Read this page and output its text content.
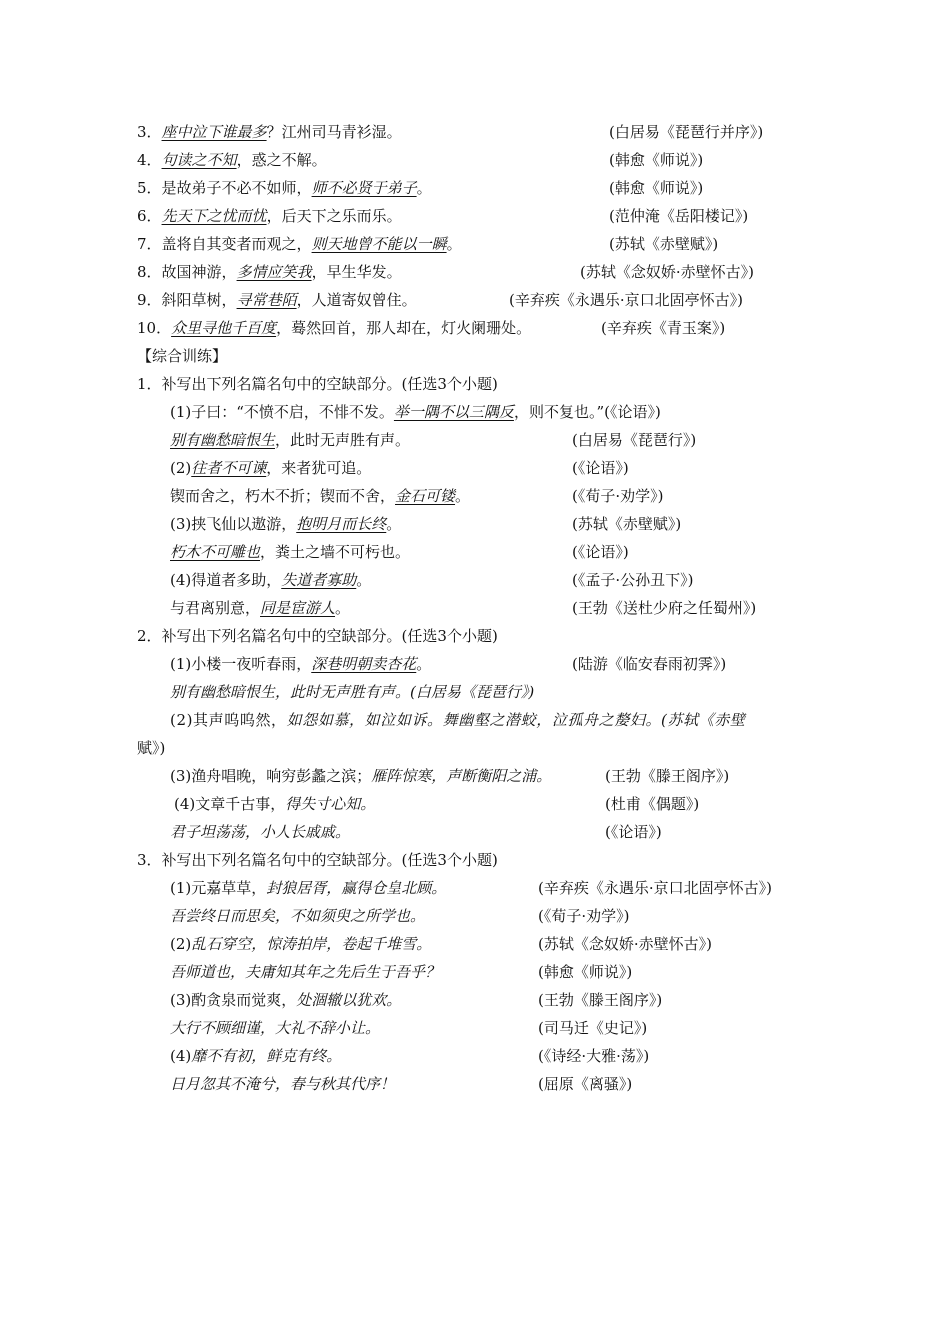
3．座中泣下谁最多？江州司马青衫湿。	(白居易《琵琶行并序》)
4．句读之不知，惑之不解。	(韩愈《师说》)
5．是故弟子不必不如师，师不必贤于弟子。	(韩愈《师说》)
6．先天下之忧而忧，后天下之乐而乐。	(范仲淹《岳阳楼记》)
7．盖将自其变者而观之，则天地曾不能以一瞬。	(苏轼《赤壁赋》)
8．故国神游，多情应笑我，早生华发。	(苏轼《念奴娇·赤壁怀古》)
9．斜阳草树，寻常巷陌，人道寄奴曾住。	(辛弃疾《永遇乐·京口北固亭怀古》)
10．众里寻他千百度，蓦然回首，那人却在，灯火阑珊处。	(辛弃疾《青玉案》)
【综合训练】
1．补写出下列名篇名句中的空缺部分。(任选3个小题)
(1)子曰：“不愤不启，不悱不发。举一隅不以三隅反，则不复也。”(《论语》)
别有幽愁暗恨生，此时无声胜有声。	(白居易《琵琶行》)
(2)往者不可谏，来者犹可追。	(《论语》)
锲而舍之，朽木不折；锲而不舍，金石可镂。	(《荀子·劝学》)
(3)挟飞仙以遨游，抱明月而长终。	(苏轼《赤壁赋》)
朽木不可雕也，粪土之墙不可杇也。	(《论语》)
(4)得道者多助，失道者寡助。	(《孟子·公孙丑下》)
与君离别意，同是宦游人。	(王勃《送杜少府之任蜀州》)
2．补写出下列名篇名句中的空缺部分。(任选3个小题)
(1)小楼一夜听春雨，深巷明朝卖杏花。	(陆游《临安春雨初霁》)
别有幽愁暗恨生，此时无声胜有声。(白居易《琵琶行》)
(2)其声呜呜然，如怨如慕，如泣如诉。舞幽壑之潜蛟，泣孤舟之嫠妇。(苏轼《赤壁
赋》)
(3)渔舟唱晚，响穷彭蠡之滨；雁阵惊寒，声断衡阳之浦。	(王勃《滕王阁序》)
(4)文章千古事，得失寸心知。	(杜甫《偶题》)
君子坦荡荡，小人长戚戚。	(《论语》)
3．补写出下列名篇名句中的空缺部分。(任选3个小题)
(1)元嘉草草，封狼居胥，赢得仓皇北顾。	(辛弃疾《永遇乐·京口北固亭怀古》)
吾尝终日而思矣，不如须臾之所学也。	(《荀子·劝学》)
(2)乱石穿空，惊涛拍岸，卷起千堆雪。	(苏轼《念奴娇·赤壁怀古》)
吾师道也，夫庸知其年之先后生于吾乎？	(韩愈《师说》)
(3)酌贪泉而觉爽，处涸辙以犹欢。	(王勃《滕王阁序》)
大行不顾细谨，大礼不辞小让。	(司马迁《史记》)
(4)靡不有初，鲜克有终。	(《诗经·大雅·荡》)
日月忽其不淹兮，春与秋其代序！	(屈原《离骚》)
